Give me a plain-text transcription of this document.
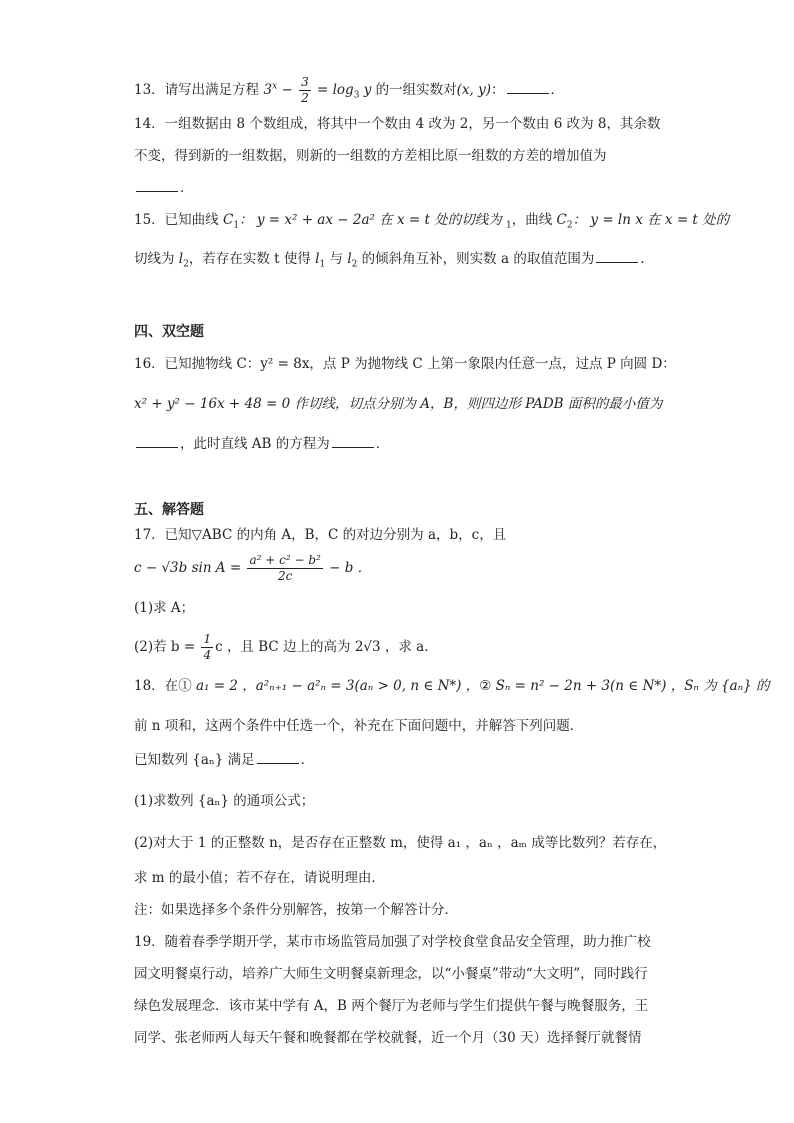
13．请写出满足方程 $3^x - \frac{3}{2} = \log_3 y$ 的一组实数对(x, y)：	．
14．一组数据由 8 个数组成，将其中一个数由 4 改为 2，另一个数由 6 改为 8，其余数
不变，得到新的一组数据，则新的一组数的方差相比原一组数的方差的增加值为
．
15．已知曲线 $C_1$： y = x² + ax − 2a² 在 x = t 处的切线为 $_1$，曲线 $C_2$： y = ln x 在 x = t 处的
切线为 $l_2$，若存在实数 t 使得 $l_1$ 与 $l_2$ 的倾斜角互补，则实数 a 的取值范围为	．
四、双空题
16．已知抛物线 C：y² = 8x，点 P 为抛物线 C 上第一象限内任意一点，过点 P 向圆 D：
x² + y² − 16x + 48 = 0 作切线，切点分别为 A，B，则四边形 PADB 面积的最小值为
，此时直线 AB 的方程为	．
五、解答题
17．已知▽ABC 的内角 A，B，C 的对边分别为 a，b，c，且
c − √3b $\sin A = \frac{\text{a² + c² − b²}}{2c} - b$ ．
(1)求 A；
(2)若 $b = \frac{1}{4}$ c ，且 BC 边上的高为 2√3 ，求 a．
18．在① a₁ = 2 ，a²ₙ₊₁ − a²ₙ = 3(aₙ > 0, n ∈ N*) ，② Sₙ = n² − 2n + 3(n ∈ N*) ，Sₙ 为 {aₙ} 的
前 n 项和，这两个条件中任选一个，补充在下面问题中，并解答下列问题．
已知数列 {aₙ} 满足	．
(1)求数列 {aₙ} 的通项公式；
(2)对大于 1 的正整数 n，是否存在正整数 m，使得 a₁ ，aₙ ，aₘ 成等比数列？若存在，
求 m 的最小值；若不存在，请说明理由．
注：如果选择多个条件分别解答，按第一个解答计分．
19．随着春季学期开学，某市市场监管局加强了对学校食堂食品安全管理，助力推广校
园文明餐桌行动，培养广大师生文明餐桌新理念，以“小餐桌”带动“大文明”，同时践行
绿色发展理念．该市某中学有 A，B 两个餐厅为老师与学生们提供午餐与晚餐服务，王
同学、张老师两人每天午餐和晚餐都在学校就餐，近一个月（30 天）选择餐厅就餐情
